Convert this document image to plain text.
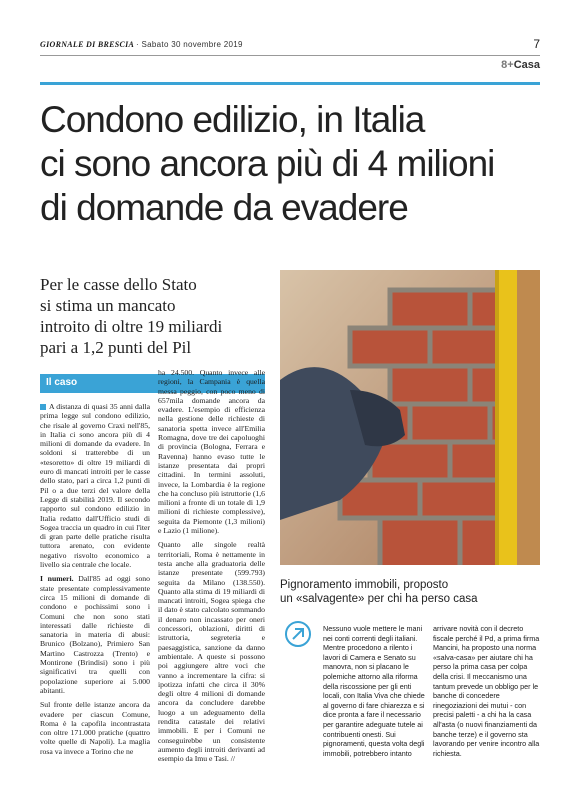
GIORNALE DI BRESCIA · Sabato 30 novembre 2019	7
8+Casa
Condono edilizio, in Italia
ci sono ancora più di 4 milioni
di domande da evadere
Per le casse dello Stato
si stima un mancato
introito di oltre 19 miliardi
pari a 1,2 punti del Pil
Il caso

A distanza di quasi 35 anni dalla prima legge sul condono edilizio, che risale al governo Craxi nell'85, in Italia ci sono ancora più di 4 milioni di domande da evadere. In soldoni si tratterebbe di un «tesoretto» di oltre 19 miliardi di euro di mancati introiti per le casse dello stato, pari a circa 1,2 punti di Pil o a due terzi del valore della Legge di stabilità 2019. Il secondo rapporto sul condono edilizio in Italia redatto dall'Ufficio studi di Sogea traccia un quadro in cui l'iter di gran parte delle pratiche risulta tuttora arenato, con evidente negativo risvolto economico a livello sia centrale che locale.

I numeri. Dall'85 ad oggi sono state presentate complessivamente circa 15 milioni di domande di condono e pochissimi sono i Comuni che non sono stati interessati dalle richieste di sanatoria in materia di abusi: Brunico (Bolzano), Primiero San Martino Castrozza (Trento) e Montirone (Brindisi) sono i più significativi tra quelli con popolazione superiore ai 5.000 abitanti.

Sul fronte delle istanze ancora da evadere per ciascun Comune, Roma è la capofila incontrastata con oltre 171.000 pratiche (quattro volte quelle di Napoli). La maglia rosa va invece a Torino che ne

ha 24.500. Quanto invece alle regioni, la Campania è quella messa peggio, con poco meno di 657mila domande ancora da evadere. L'esempio di efficienza nella gestione delle richieste di sanatoria spetta invece all'Emilia Romagna, dove tre dei capoluoghi di provincia (Bologna, Ferrara e Ravenna) hanno evaso tutte le istanze presentata dai propri cittadini. In termini assoluti, invece, la Lombardia è la regione che ha concluso più istruttorie (1,6 milioni a fronte di un totale di 1,9 milioni di richieste complessive), seguita da Piemonte (1,3 milioni) e Lazio (1 milione).

Quanto alle singole realtà territoriali, Roma è nettamente in testa anche alla graduatoria delle istanze presentate (599.793) seguita da Milano (138.550). Quanto alla stima di 19 miliardi di mancati introiti, Sogea spiega che il dato è stato calcolato sommando il denaro non incassato per oneri concessori, oblazioni, diritti di istruttoria, segreteria e paesaggistica, sanzione da danno ambientale. A queste si possono poi aggiungere altre voci che vanno a incrementare la cifra: si ipotizza infatti che circa il 30% degli oltre 4 milioni di domande ancora da concludere darebbe luogo a un adeguamento della rendita catastale dei relativi immobili. E per i Comuni ne conseguirebbe un consistente aumento degli introiti derivanti ad esempio da Imu e Tasi. //

Pignoramento immobili, proposto
un «salvagente» per chi ha perso casa

Nessuno vuole mettere le mani nei conti correnti degli italiani. Mentre procedono a rilento i lavori di Camera e Senato su manovra, non si placano le polemiche attorno alla riforma della riscossione per gli enti locali, con Italia Viva che chiede al governo di fare chiarezza e si dice pronta a fare il necessario per garantire adeguate tutele ai contribuenti onesti. Sui pignoramenti, questa volta degli immobili, potrebbero intanto

arrivare novità con il decreto fiscale perché il Pd, a prima firma Mancini, ha proposto una norma «salva-casa» per aiutare chi ha perso la prima casa per colpa della crisi. Il meccanismo una tantum prevede un obbligo per le banche di concedere rinegoziazioni dei mutui - con precisi paletti - a chi ha la casa all'asta (o nuovi finanziamenti da banche terze) e il governo sta lavorando per venire incontro alla richiesta.
